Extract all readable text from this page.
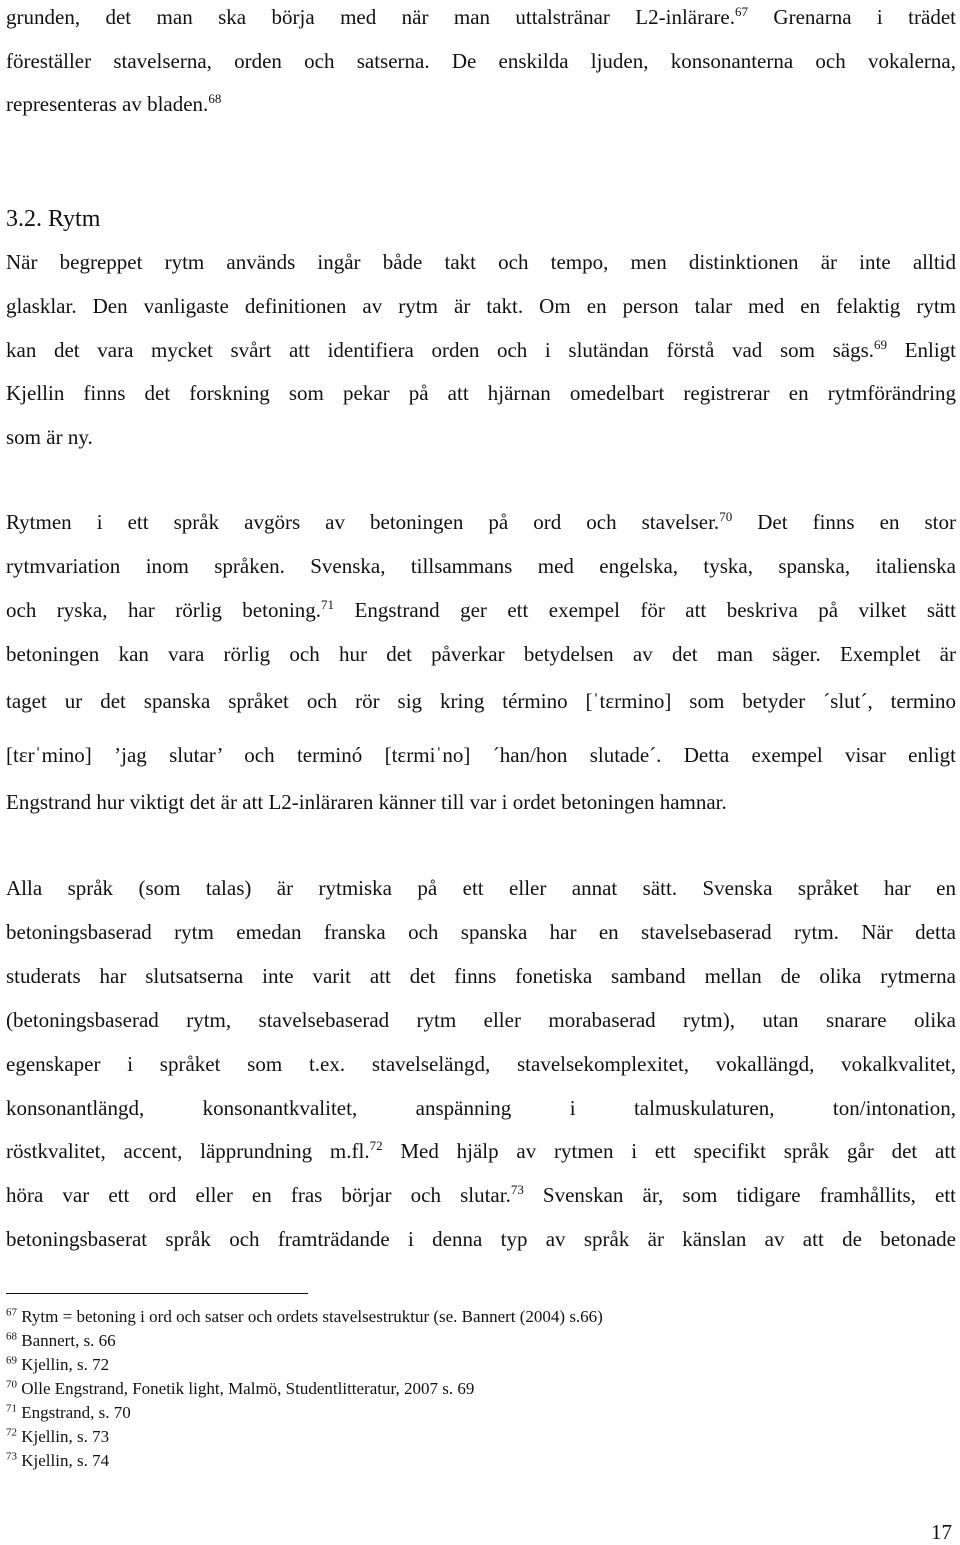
grunden, det man ska börja med när man uttalstränar L2-inlärare.$^{67}$ Grenarna i trädet
föreställer stavelserna, orden och satserna. De enskilda ljuden, konsonanterna och vokalerna,
representeras av bladen.$^{68}$
3.2. Rytm
När begreppet rytm används ingår både takt och tempo, men distinktionen är inte alltid
glasklar. Den vanligaste definitionen av rytm är takt. Om en person talar med en felaktig rytm
kan det vara mycket svårt att identifiera orden och i slutändan förstå vad som sägs.$^{69}$ Enligt
Kjellin finns det forskning som pekar på att hjärnan omedelbart registrerar en rytmförändring
som är ny.
Rytmen i ett språk avgörs av betoningen på ord och stavelser.$^{70}$ Det finns en stor
rytmvariation inom språken. Svenska, tillsammans med engelska, tyska, spanska, italienska
och ryska, har rörlig betoning.$^{71}$ Engstrand ger ett exempel för att beskriva på vilket sätt
betoningen kan vara rörlig och hur det påverkar betydelsen av det man säger. Exemplet är
taget ur det spanska språket och rör sig kring término [ˈtɛrmino] som betyder ´slut´, termino
[tɛrˈmino] ’jag slutar’ och terminó [tɛrmiˈno] ´han/hon slutade´. Detta exempel visar enligt
Engstrand hur viktigt det är att L2-inläraren känner till var i ordet betoningen hamnar.
Alla språk (som talas) är rytmiska på ett eller annat sätt. Svenska språket har en
betoningsbaserad rytm emedan franska och spanska har en stavelsebaserad rytm. När detta
studerats har slutsatserna inte varit att det finns fonetiska samband mellan de olika rytmerna
(betoningsbaserad rytm, stavelsebaserad rytm eller morabaserad rytm), utan snarare olika
egenskaper i språket som t.ex. stavelselängd, stavelsekomplexitet, vokallängd, vokalkvalitet,
konsonantlängd, konsonantkvalitet, anspänning i talmuskulaturen, ton/intonation,
röstkvalitet, accent, läpprundning m.fl.$^{72}$ Med hjälp av rytmen i ett specifikt språk går det att
höra var ett ord eller en fras börjar och slutar.$^{73}$ Svenskan är, som tidigare framhållits, ett
betoningsbaserat språk och framträdande i denna typ av språk är känslan av att de betonade
$^{67}$ Rytm = betoning i ord och satser och ordets stavelsestruktur (se. Bannert (2004) s.66)
$^{68}$ Bannert, s. 66
$^{69}$ Kjellin, s. 72
$^{70}$ Olle Engstrand, Fonetik light, Malmö, Studentlitteratur, 2007 s. 69
$^{71}$ Engstrand, s. 70
$^{72}$ Kjellin, s. 73
$^{73}$ Kjellin, s. 74
17
